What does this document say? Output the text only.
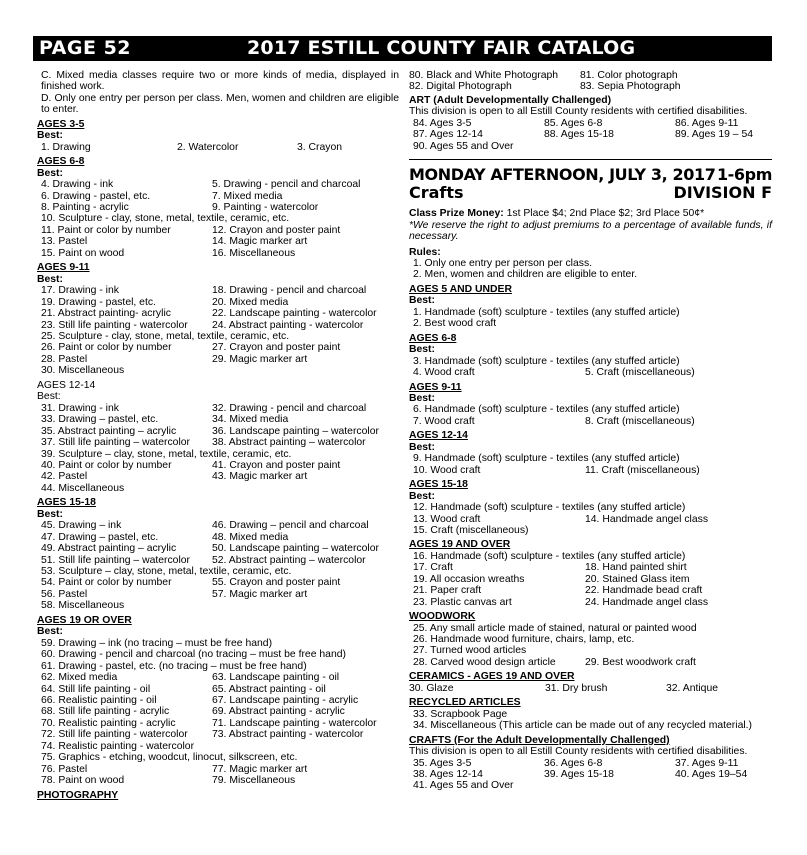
PAGE 52	2017 ESTILL COUNTY FAIR CATALOG
C. Mixed media classes require two or more kinds of media, displayed in finished work.
D. Only one entry per person per class. Men, women and children are eligible to enter.
AGES 3-5
Best:
1. Drawing	2. Watercolor	3. Crayon
AGES 6-8
Best:
4. Drawing - ink	5. Drawing - pencil and charcoal
6. Drawing - pastel, etc.	7. Mixed media
8. Painting - acrylic	9. Painting - watercolor
10. Sculpture - clay, stone, metal, textile, ceramic, etc.
11. Paint or color by number	12. Crayon and poster paint
13. Pastel	14. Magic marker art
15. Paint on wood	16. Miscellaneous
AGES 9-11
Best:
17. Drawing - ink	18. Drawing - pencil and charcoal
19. Drawing - pastel, etc.	20. Mixed media
21. Abstract painting- acrylic	22. Landscape painting - watercolor
23. Still life painting - watercolor	24. Abstract painting - watercolor
25. Sculpture - clay, stone, metal, textile, ceramic, etc.
26. Paint or color by number	27. Crayon and poster paint
28. Pastel	29. Magic marker art
30. Miscellaneous
AGES 12-14
Best:
31. Drawing - ink	32. Drawing - pencil and charcoal
33. Drawing – pastel, etc.	34. Mixed media
35. Abstract painting – acrylic	36. Landscape painting – watercolor
37. Still life painting – watercolor	38. Abstract painting – watercolor
39. Sculpture – clay, stone, metal, textile, ceramic, etc.
40. Paint or color by number	41. Crayon and poster paint
42. Pastel	43. Magic marker art
44. Miscellaneous
AGES 15-18
Best:
45. Drawing – ink	46. Drawing – pencil and charcoal
47. Drawing – pastel, etc.	48. Mixed media
49. Abstract painting – acrylic	50. Landscape painting – watercolor
51. Still life painting – watercolor	52. Abstract painting – watercolor
53. Sculpture – clay, stone, metal, textile, ceramic, etc.
54. Paint or color by number	55. Crayon and poster paint
56. Pastel	57. Magic marker art
58. Miscellaneous
AGES 19 OR OVER
Best:
59. Drawing – ink (no tracing – must be free hand)
60. Drawing - pencil and charcoal (no tracing – must be free hand)
61. Drawing - pastel, etc. (no tracing – must be free hand)
62. Mixed media	63. Landscape painting - oil
64. Still life painting - oil	65. Abstract painting - oil
66. Realistic painting - oil	67. Landscape painting - acrylic
68. Still life painting - acrylic	69. Abstract painting - acrylic
70. Realistic painting - acrylic	71. Landscape painting - watercolor
72. Still life painting - watercolor	73. Abstract painting - watercolor
74. Realistic painting - watercolor
75. Graphics - etching, woodcut, linocut, silkscreen, etc.
76. Pastel	77. Magic marker art
78. Paint on wood	79. Miscellaneous
PHOTOGRAPHY
80. Black and White Photograph	81. Color photograph
82. Digital Photograph	83. Sepia Photograph
ART (Adult Developmentally Challenged)
This division is open to all Estill County residents with certified disabilities.
84. Ages 3-5	85. Ages 6-8	86. Ages 9-11
87. Ages 12-14	88. Ages 15-18	89. Ages 19 – 54
90. Ages 55 and Over
MONDAY AFTERNOON, JULY 3, 2017 1-6pm
Crafts	DIVISION F
Class Prize Money: 1st Place $4; 2nd Place $2; 3rd Place 50¢*
*We reserve the right to adjust premiums to a percentage of available funds, if necessary.
Rules:
1. Only one entry per person per class.
2. Men, women and children are eligible to enter.
AGES 5 AND UNDER
Best:
1. Handmade (soft) sculpture - textiles (any stuffed article)
2. Best wood craft
AGES 6-8
Best:
3. Handmade (soft) sculpture - textiles (any stuffed article)
4. Wood craft	5. Craft (miscellaneous)
AGES 9-11
Best:
6. Handmade (soft) sculpture - textiles (any stuffed article)
7. Wood craft	8. Craft (miscellaneous)
AGES 12-14
Best:
9. Handmade (soft) sculpture - textiles (any stuffed article)
10. Wood craft	11. Craft (miscellaneous)
AGES 15-18
Best:
12. Handmade (soft) sculpture - textiles (any stuffed article)
13. Wood craft	14. Handmade angel class
15. Craft (miscellaneous)
AGES 19 AND OVER
16. Handmade (soft) sculpture - textiles (any stuffed article)
17. Craft	18. Hand painted shirt
19. All occasion wreaths	20. Stained Glass item
21. Paper craft	22. Handmade bead craft
23. Plastic canvas art	24. Handmade angel class
WOODWORK
25. Any small article made of stained, natural or painted wood
26. Handmade wood furniture, chairs, lamp, etc.
27. Turned wood articles
28. Carved wood design article	29. Best woodwork craft
CERAMICS - AGES 19 AND OVER
30. Glaze	31. Dry brush	32. Antique
RECYCLED ARTICLES
33. Scrapbook Page
34. Miscellaneous (This article can be made out of any recycled material.)
CRAFTS (For the Adult Developmentally Challenged)
This division is open to all Estill County residents with certified disabilities.
35. Ages 3-5	36. Ages 6-8	37. Ages 9-11
38. Ages 12-14	39. Ages 15-18	40. Ages 19–54
41. Ages 55 and Over
